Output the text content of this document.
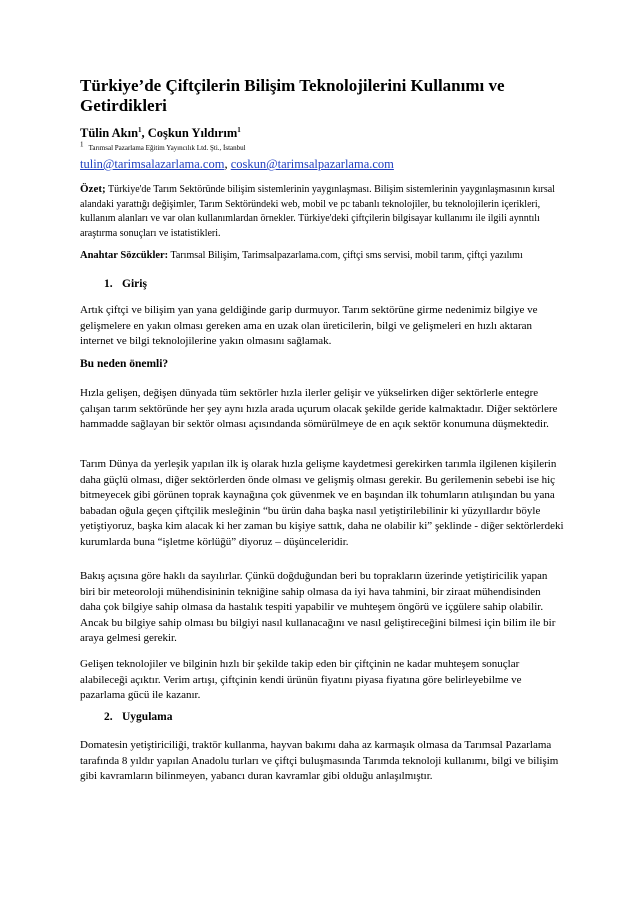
Türkiye’de Çiftçilerin Bilişim Teknolojilerini Kullanımı ve Getirdikleri

Tülin Akın$^1$, Coşkun Yıldırım$^1$

$^1$ Tarımsal Pazarlama Eğitim Yayıncılık Ltd. Şti., İstanbul

tulin@tarimsalazarlama.com, coskun@tarimsalpazarlama.com

Özet; Türkiye'de Tarım Sektöründe bilişim sistemlerinin yaygınlaşması. Bilişim sistemlerinin yaygınlaşmasının kırsal alandaki yarattığı değişimler, Tarım Sektöründeki web, mobil ve pc tabanlı teknolojiler, bu teknolojilerin içerikleri, kullanım alanları ve var olan kullanımlardan örnekler. Türkiye'deki çiftçilerin bilgisayar kullanımı ile ilgili aynntılı araştırma sonuçları ve istatistikleri.

Anahtar Sözcükler: Tarımsal Bilişim, Tarimsalpazarlama.com, çiftçi sms servisi, mobil tarım, çiftçi yazılımı

1. Giriş

Artık çiftçi ve bilişim yan yana geldiğinde garip durmuyor. Tarım sektörüne girme nedenimiz bilgiye ve gelişmelere en yakın olması gereken ama en uzak olan üreticilerin, bilgi ve gelişmeleri en hızlı aktaran internet ve bilgi teknolojilerine yakın olmasını sağlamak.

Bu neden önemli?

Hızla gelişen, değişen dünyada tüm sektörler hızla ilerler gelişir ve yükselirken diğer sektörlerle entegre çalışan tarım sektöründe her şey aynı hızla arada uçurum olacak şekilde geride kalmaktadır. Diğer sektörlere hammadde sağlayan bir sektör olması açısındanda sömürülmeye de en açık sektör konumuna düşmektedir.

Tarım Dünya da yerleşik yapılan ilk iş olarak hızla gelişme kaydetmesi gerekirken tarımla ilgilenen kişilerin daha güçlü olması, diğer sektörlerden önde olması ve gelişmiş olması gerekir. Bu gerilemenin sebebi ise hiç bitmeyecek gibi görünen toprak kaynağına çok güvenmek ve en başından ilk tohumların atılışından bu yana babadan oğula geçen çiftçilik mesleğinin “bu ürün daha başka nasıl yetiştirilebilinir ki yüzyıllardır böyle yetiştiyoruz, başka kim alacak ki her zaman bu kişiye sattık, daha ne olabilir ki” şeklinde - diğer sektörlerdeki kurumlarda buna “işletme körlüğü” diyoruz – düşünceleridir.

Bakış açısına göre haklı da sayılırlar. Çünkü doğduğundan beri bu toprakların üzerinde yetiştiricilik yapan biri bir meteoroloji mühendisininin tekniğine sahip olmasa da iyi hava tahmini, bir ziraat mühendisinden daha çok bilgiye sahip olmasa da hastalık tespiti yapabilir ve muhteşem öngörü ve içgülere sahip olabilir. Ancak bu bilgiye sahip olması bu bilgiyi nasıl kullanacağını ve nasıl geliştireceğini bilmesi için bilim ile bir araya gelmesi gerekir.

Gelişen teknolojiler ve bilginin hızlı bir şekilde takip eden bir çiftçinin ne kadar muhteşem sonuçlar alabileceği açıktır. Verim artışı, çiftçinin kendi ürünün fiyatını piyasa fiyatına göre belirleyebilme ve pazarlama gücü ile kazanır.

2. Uygulama

Domatesin yetiştiriciliği, traktör kullanma, hayvan bakımı daha az karmaşık olmasa da Tarımsal Pazarlama tarafında 8 yıldır yapılan Anadolu turları ve çiftçi buluşmasında Tarımda teknoloji kullanımı, bilgi ve bilişim gibi kavramların bilinmeyen, yabancı duran kavramlar gibi olduğu anlaşılmıştır.
